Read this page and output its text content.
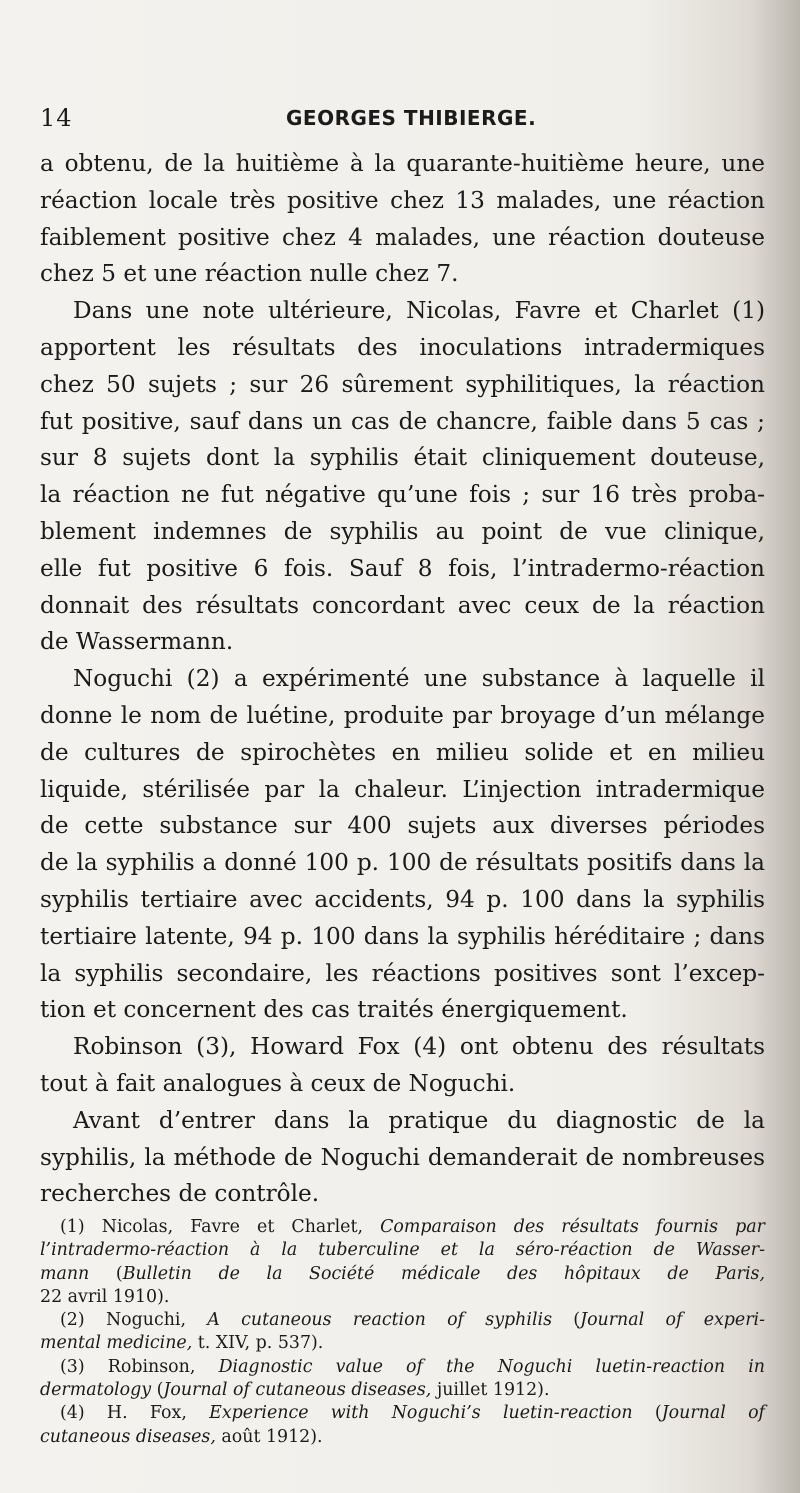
14	GEORGES THIBIERGE.
a obtenu, de la huitième à la quarante-huitième heure, une
réaction locale très positive chez 13 malades, une réaction
faiblement positive chez 4 malades, une réaction douteuse
chez 5 et une réaction nulle chez 7.
Dans une note ultérieure, Nicolas, Favre et Charlet (1)
apportent les résultats des inoculations intradermiques
chez 50 sujets ; sur 26 sûrement syphilitiques, la réaction
fut positive, sauf dans un cas de chancre, faible dans 5 cas ;
sur 8 sujets dont la syphilis était cliniquement douteuse,
la réaction ne fut négative qu’une fois ; sur 16 très proba-
blement indemnes de syphilis au point de vue clinique,
elle fut positive 6 fois. Sauf 8 fois, l’intradermo-réaction
donnait des résultats concordant avec ceux de la réaction
de Wassermann.
Noguchi (2) a expérimenté une substance à laquelle il
donne le nom de luétine, produite par broyage d’un mélange
de cultures de spirochètes en milieu solide et en milieu
liquide, stérilisée par la chaleur. L’injection intradermique
de cette substance sur 400 sujets aux diverses périodes
de la syphilis a donné 100 p. 100 de résultats positifs dans la
syphilis tertiaire avec accidents, 94 p. 100 dans la syphilis
tertiaire latente, 94 p. 100 dans la syphilis héréditaire ; dans
la syphilis secondaire, les réactions positives sont l’excep-
tion et concernent des cas traités énergiquement.
Robinson (3), Howard Fox (4) ont obtenu des résultats
tout à fait analogues à ceux de Noguchi.
Avant d’entrer dans la pratique du diagnostic de la
syphilis, la méthode de Noguchi demanderait de nombreuses
recherches de contrôle.
(1) Nicolas, Favre et Charlet, Comparaison des résultats fournis par
l’intradermo-réaction à la tuberculine et la séro-réaction de Wasser-
mann (Bulletin de la Société médicale des hôpitaux de Paris,
22 avril 1910).
(2) Noguchi, A cutaneous reaction of syphilis (Journal of experi-
mental medicine, t. XIV, p. 537).
(3) Robinson, Diagnostic value of the Noguchi luetin-reaction in
dermatology (Journal of cutaneous diseases, juillet 1912).
(4) H. Fox, Experience with Noguchi’s luetin-reaction (Journal of
cutaneous diseases, août 1912).
